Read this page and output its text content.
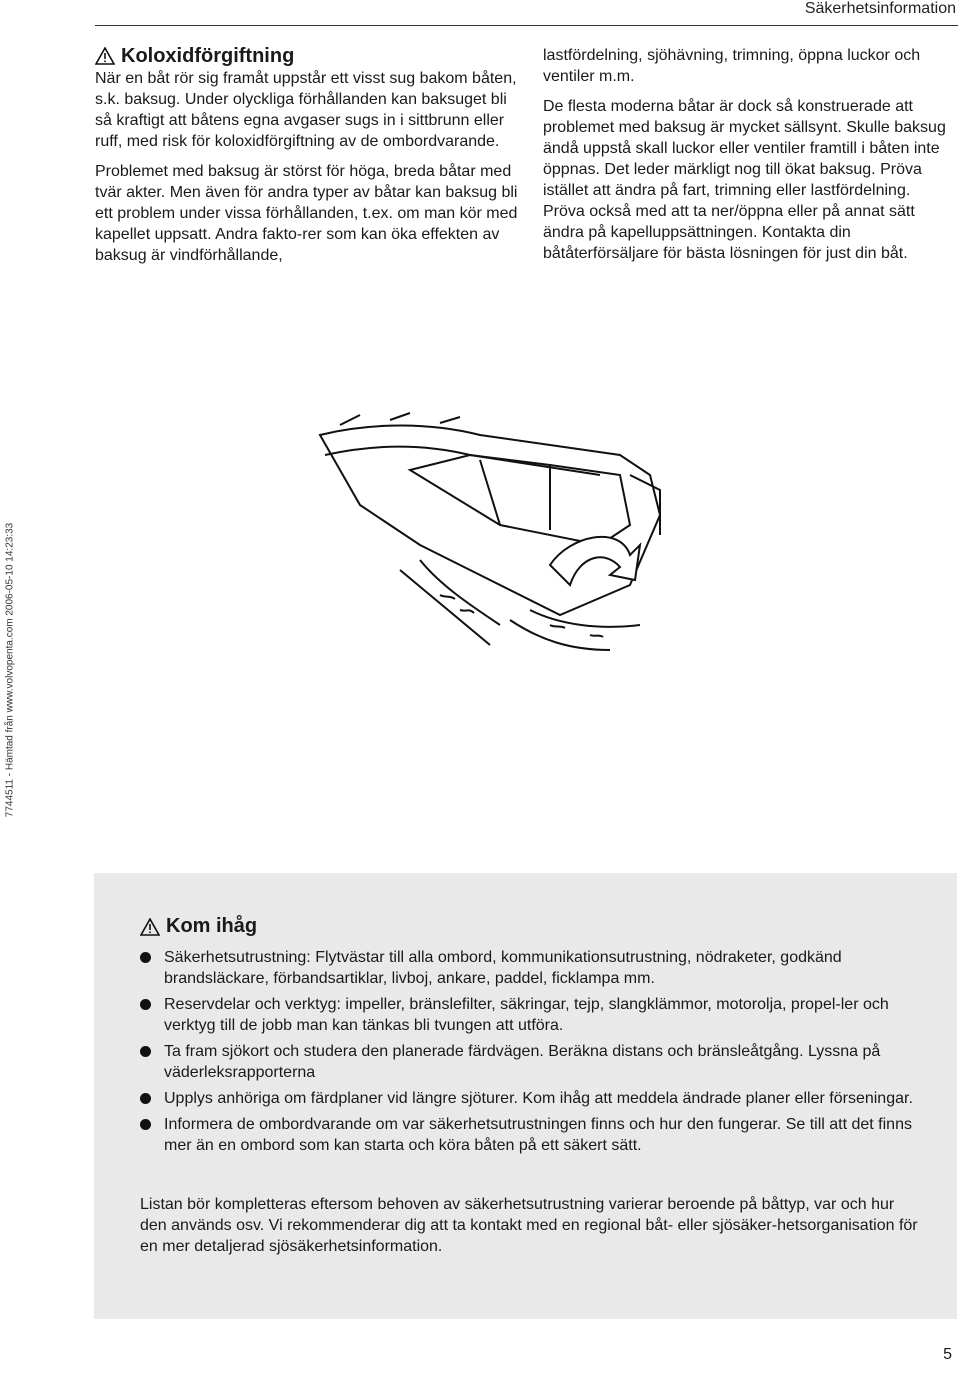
Säkerhetsinformation
Koloxidförgiftning

När en båt rör sig framåt uppstår ett visst sug bakom båten, s.k. baksug. Under olyckliga förhållanden kan baksuget bli så kraftigt att båtens egna avgaser sugs in i sittbrunn eller ruff, med risk för koloxidförgiftning av de ombordvarande.

Problemet med baksug är störst för höga, breda båtar med tvär akter. Men även för andra typer av båtar kan baksug bli ett problem under vissa förhållanden, t.ex. om man kör med kapellet uppsatt. Andra fakto-rer som kan öka effekten av baksug är vindförhållande,

lastfördelning, sjöhävning, trimning, öppna luckor och ventiler m.m.

De flesta moderna båtar är dock så konstruerade att problemet med baksug är mycket sällsynt. Skulle baksug ändå uppstå skall luckor eller ventiler framtill i båten inte öppnas. Det leder märkligt nog till ökat baksug. Pröva istället att ändra på fart, trimning eller lastfördelning. Pröva också med att ta ner/öppna eller på annat sätt ändra på kapelluppsättningen. Kontakta din båtåterförsäljare för bästa lösningen för just din båt.

7744511 - Hämtad från www.volvopenta.com 2006-05-10 14:23:33
Kom ihåg
Säkerhetsutrustning: Flytvästar till alla ombord, kommunikationsutrustning, nödraketer, godkänd brandsläckare, förbandsartiklar, livboj, ankare, paddel, ficklampa mm.
Reservdelar och verktyg: impeller, bränslefilter, säkringar, tejp, slangklämmor, motorolja, propel-ler och verktyg till de jobb man kan tänkas bli tvungen att utföra.
Ta fram sjökort och studera den planerade färdvägen. Beräkna distans och bränsleåtgång. Lyssna på väderleksrapporterna
Upplys anhöriga om färdplaner vid längre sjöturer. Kom ihåg att meddela ändrade planer eller förseningar.
Informera de ombordvarande om var säkerhetsutrustningen finns och hur den fungerar. Se till att det finns mer än en ombord som kan starta och köra båten på ett säkert sätt.

Listan bör kompletteras eftersom behoven av säkerhetsutrustning varierar beroende på båttyp, var och hur den används osv. Vi rekommenderar dig att ta kontakt med en regional båt- eller sjösäker-hetsorganisation för en mer detaljerad sjösäkerhetsinformation.

5
